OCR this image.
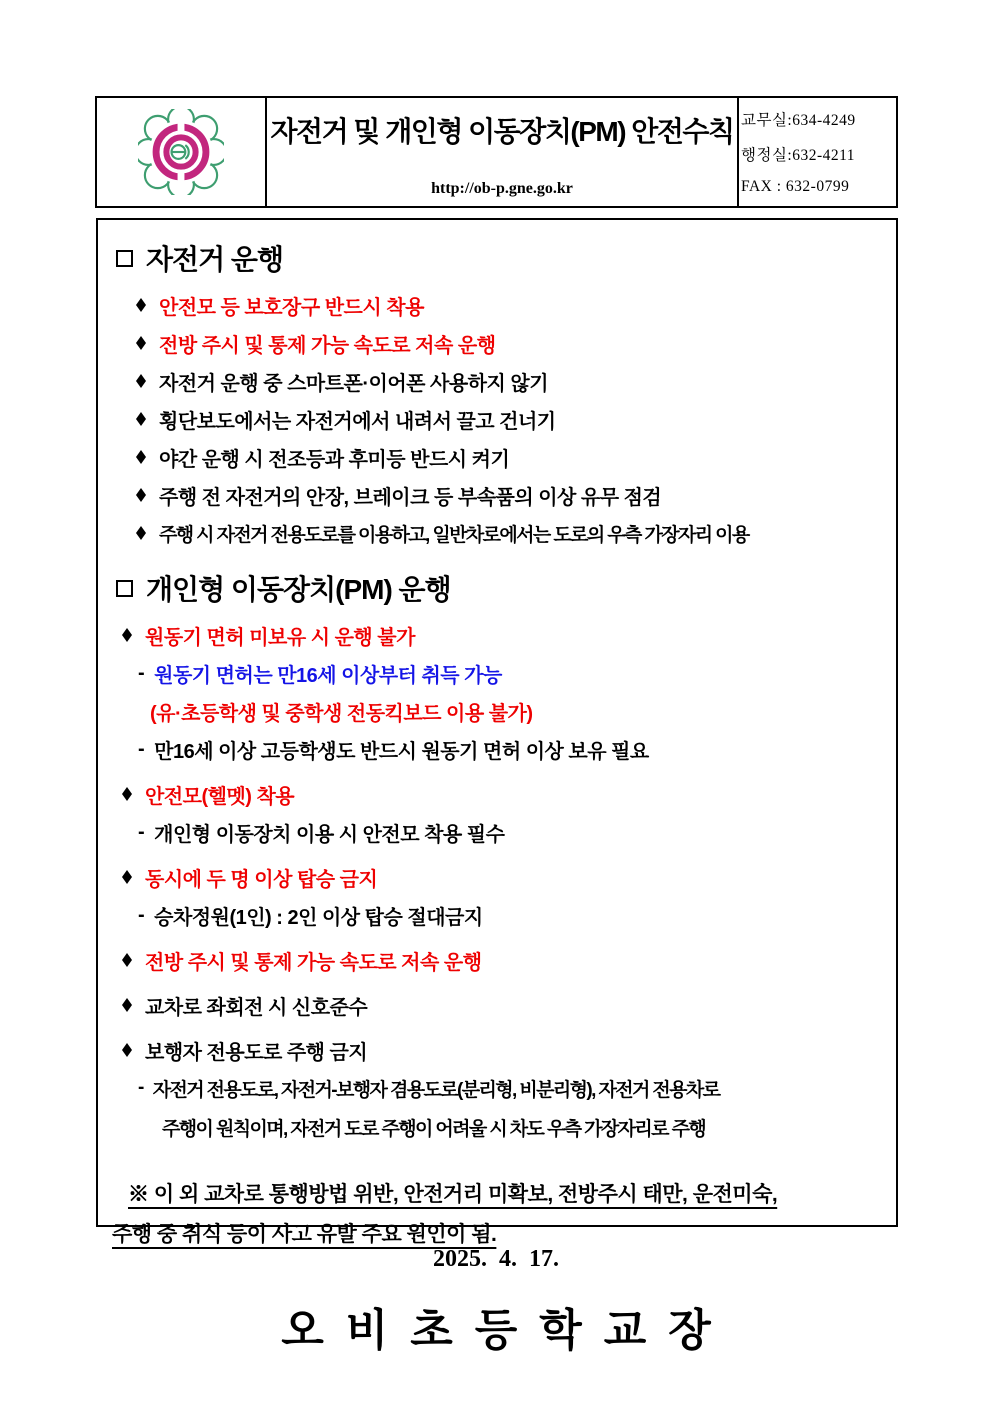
자전거 및 개인형 이동장치(PM) 안전수칙
http://ob-p.gne.go.kr
교무실:634-4249
행정실:632-4211
FAX : 632-0799
자전거 운행
안전모 등 보호장구 반드시 착용
전방 주시 및 통제 가능 속도로 저속 운행
자전거 운행 중 스마트폰·이어폰 사용하지 않기
횡단보도에서는 자전거에서 내려서 끌고 건너기
야간 운행 시 전조등과 후미등 반드시 켜기
주행 전 자전거의 안장, 브레이크 등 부속품의 이상 유무 점검
주행 시 자전거 전용도로를 이용하고, 일반차로에서는 도로의 우측 가장자리 이용
개인형 이동장치(PM) 운행
원동기 면허 미보유 시 운행 불가
- 원동기 면허는 만16세 이상부터 취득 가능
(유·초등학생 및 중학생 전동킥보드 이용 불가)
- 만16세 이상 고등학생도 반드시 원동기 면허 이상 보유 필요
안전모(헬멧) 착용
- 개인형 이동장치 이용 시 안전모 착용 필수
동시에 두 명 이상 탑승 금지
- 승차정원(1인) : 2인 이상 탑승 절대금지
전방 주시 및 통제 가능 속도로 저속 운행
교차로 좌회전 시 신호준수
보행자 전용도로 주행 금지
- 자전거 전용도로, 자전거-보행자 겸용도로(분리형, 비분리형), 자전거 전용차로
주행이 원칙이며, 자전거 도로 주행이 어려울 시 차도 우측 가장자리로 주행
※ 이 외 교차로 통행방법 위반, 안전거리 미확보, 전방주시 태만, 운전미숙,
주행 중 취식 등이 사고 유발 주요 원인이 됨.
2025.  4.  17.
오비초등학교장
